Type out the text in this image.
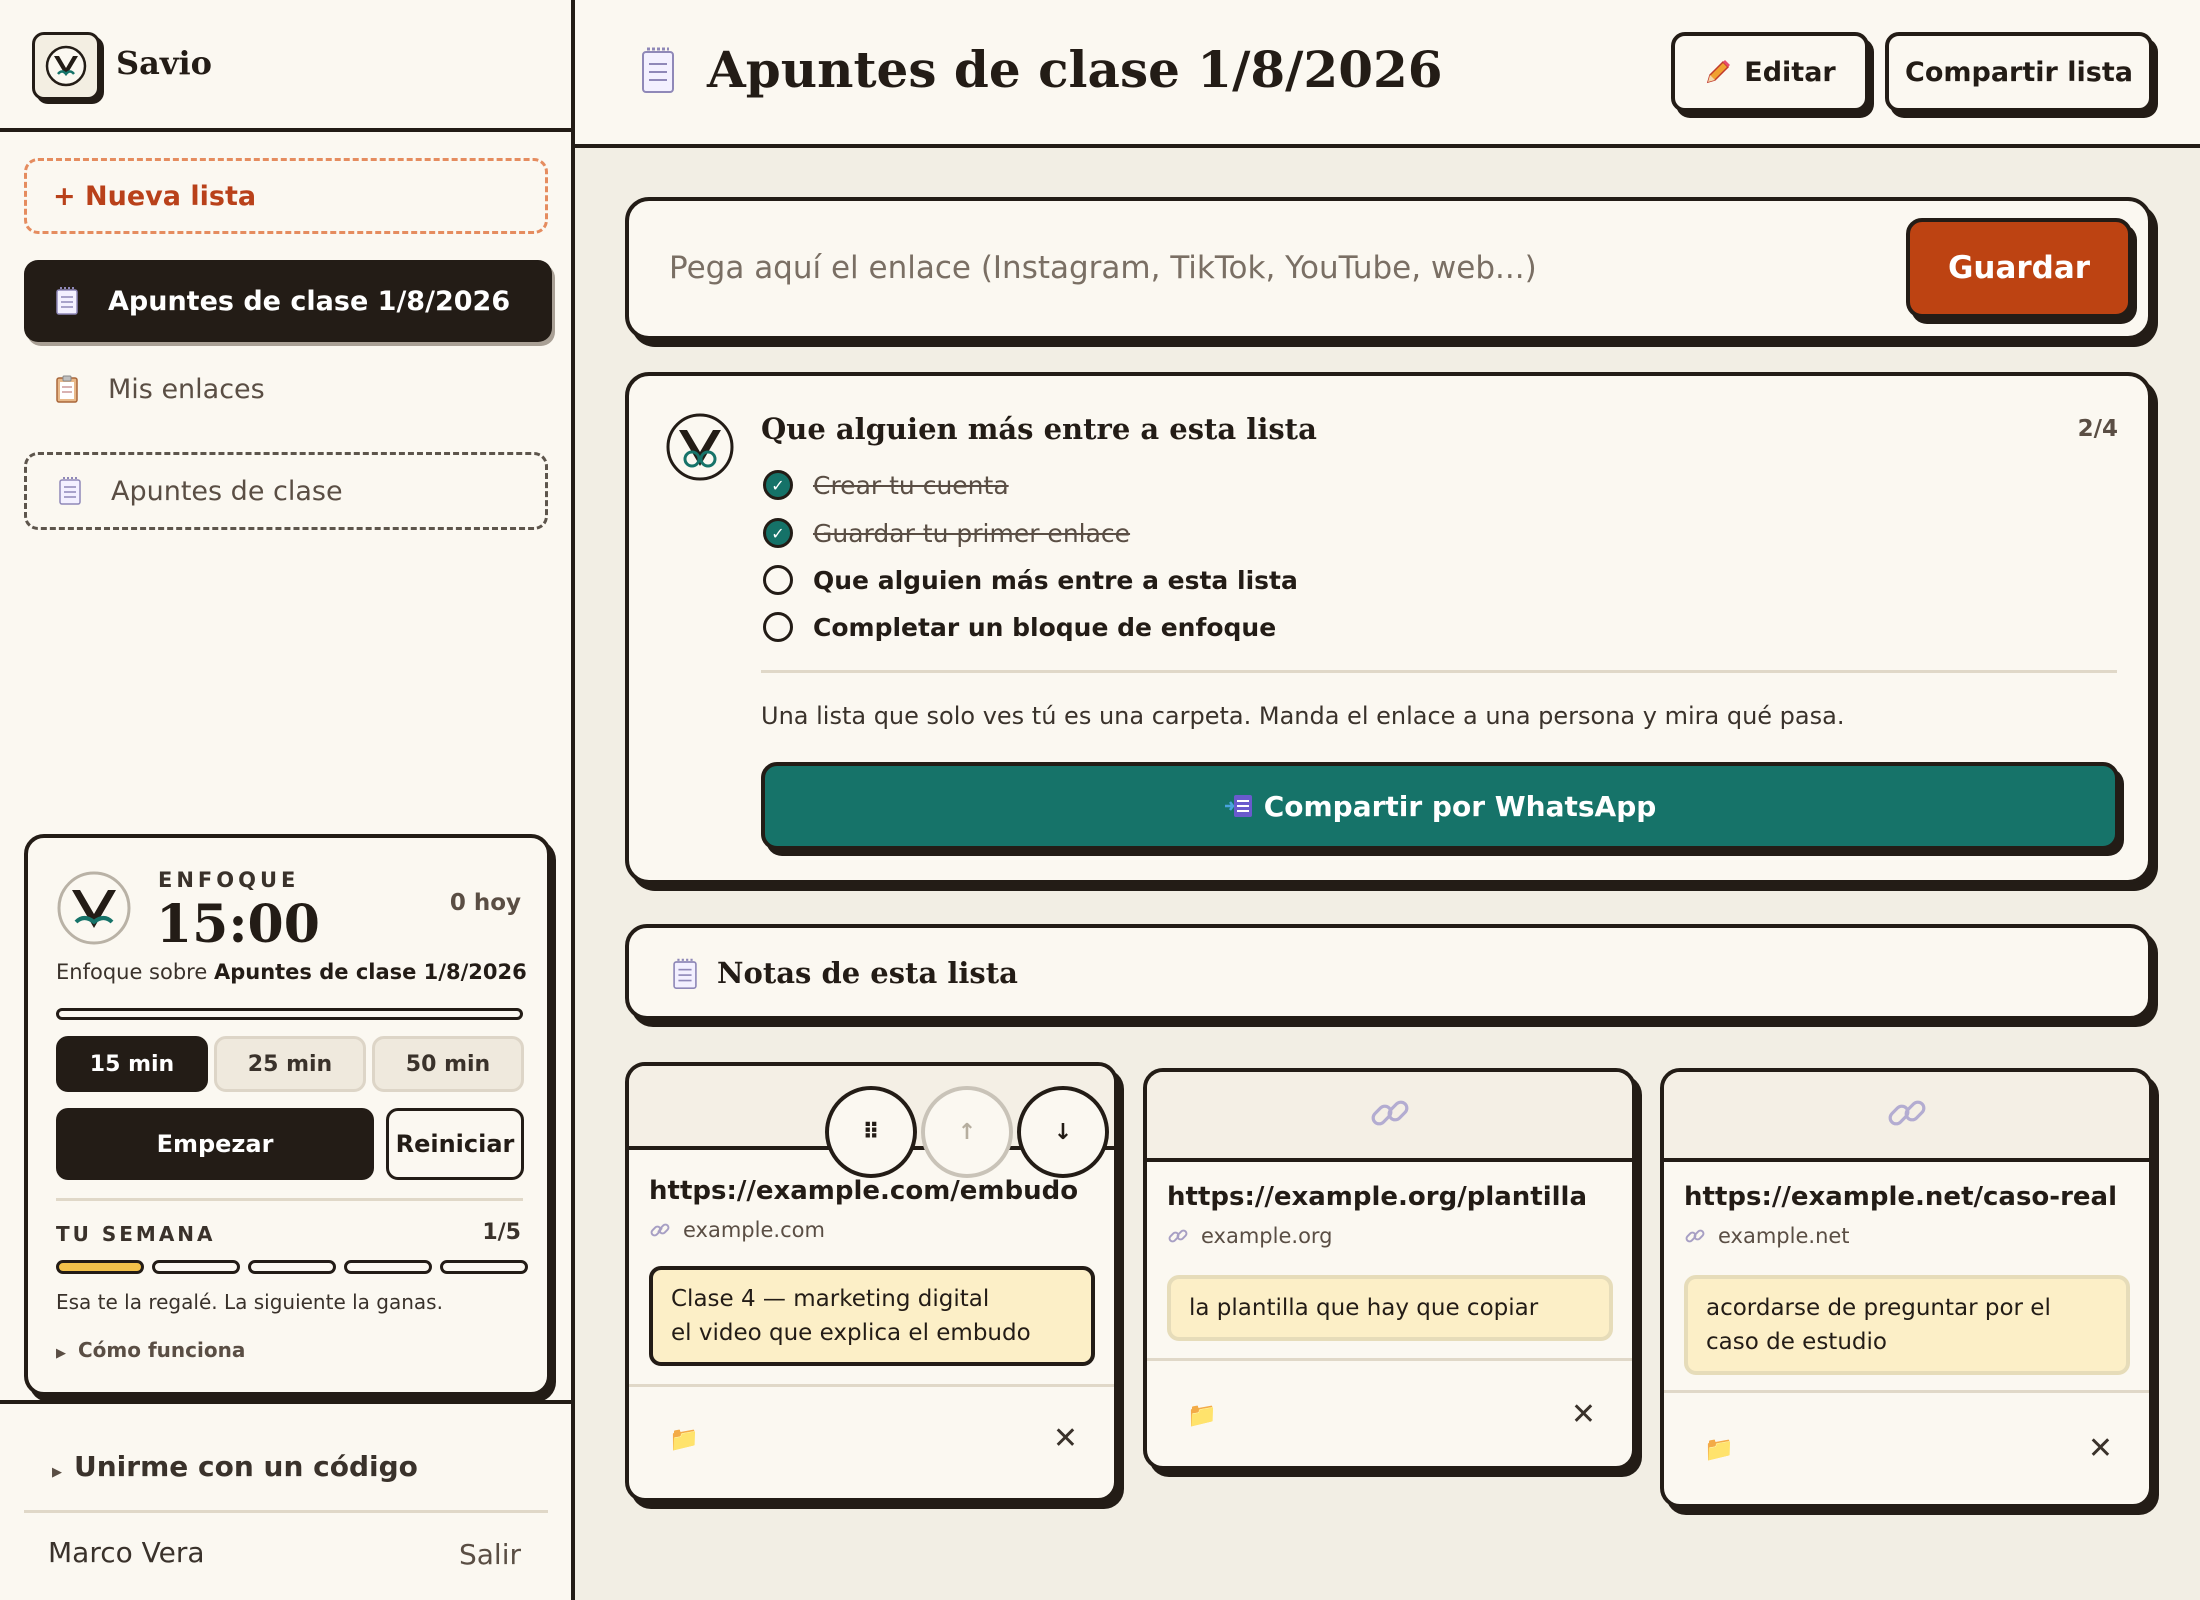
Savio
+ Nueva lista
Apuntes de clase 1/8/2026
Mis enlaces
Apuntes de clase
ENFOQUE
15:00	0 hoy
Enfoque sobre Apuntes de clase 1/8/2026
15 min	25 min	50 min
Empezar	Reiniciar
TU SEMANA	1/5
Esa te la regalé. La siguiente la ganas.
▶ Cómo funciona
▶ Unirme con un código
Marco Vera	Salir
Apuntes de clase 1/8/2026	Editar	Compartir lista
Pega aquí el enlace (Instagram, TikTok, YouTube, web...)
Guardar
Que alguien más entre a esta lista	2/4
✓	Crear tu cuenta
✓	Guardar tu primer enlace
Que alguien más entre a esta lista
Completar un bloque de enfoque
Una lista que solo ves tú es una carpeta. Manda el enlace a una persona y mira qué pasa.
Compartir por WhatsApp
Notas de esta lista
⠿	↑	↓
https://example.com/embudo
example.com
Clase 4 — marketing digital
el video que explica el embudo
📁	✕
https://example.org/plantilla
example.org
la plantilla que hay que copiar
📁	✕
https://example.net/caso-real
example.net
acordarse de preguntar por el caso de estudio
📁	✕
